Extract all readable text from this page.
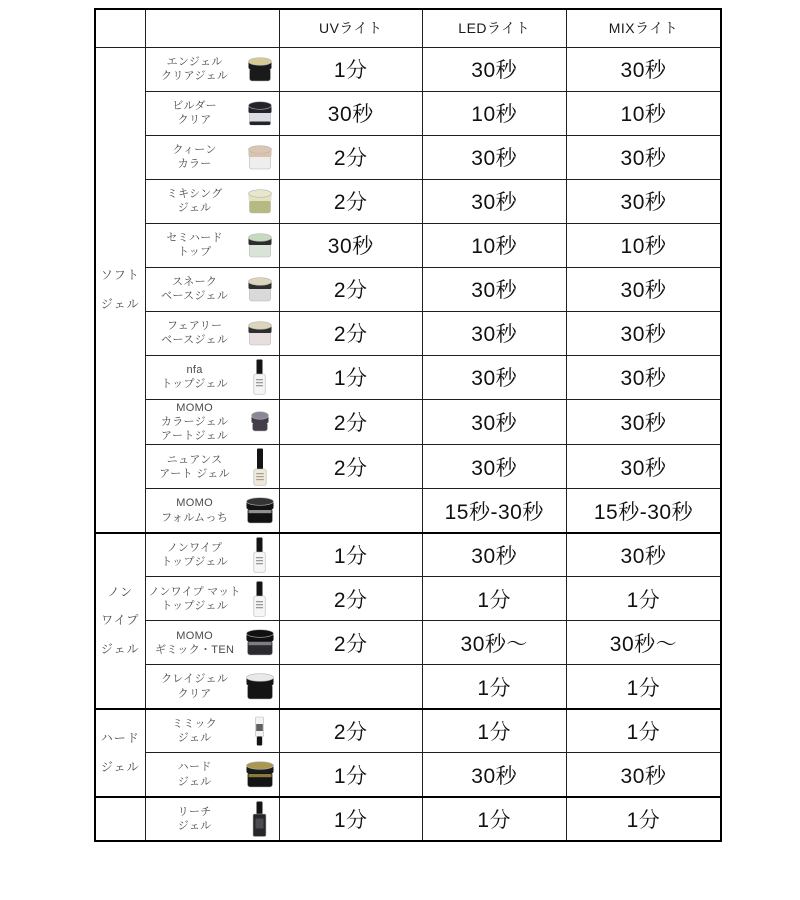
		UVライト	LEDライト	MIXライト

ソフト
ジェル

エンジェル
クリアジェル	1分	30秒	30秒

	ビルダー
クリア	30秒	10秒	10秒

	クィーン
カラー	2分	30秒	30秒

	ミキシング
ジェル	2分	30秒	30秒

	セミハード
トップ	30秒	10秒	10秒

	スネーク
ベースジェル	2分	30秒	30秒

	フェアリー
ベースジェル	2分	30秒	30秒

	nfa
トップジェル	1分	30秒	30秒

	MOMO
カラージェル
アートジェル	2分	30秒	30秒

	ニュアンス
アート ジェル	2分	30秒	30秒

	MOMO
フォルムっち		15秒-30秒	15秒-30秒

ノン
ワイプ
ジェル

ノンワイプ
トップジェル	1分	30秒	30秒

	ノンワイプ マット
トップジェル	2分	1分	1分

	MOMO
ギミック・TEN	2分	30秒～	30秒～

	クレイジェル
クリア		1分	1分

ハード
ジェル

ミミック
ジェル	2分	1分	1分

	ハード
ジェル	1分	30秒	30秒

	リーチ
ジェル	1分	1分	1分
